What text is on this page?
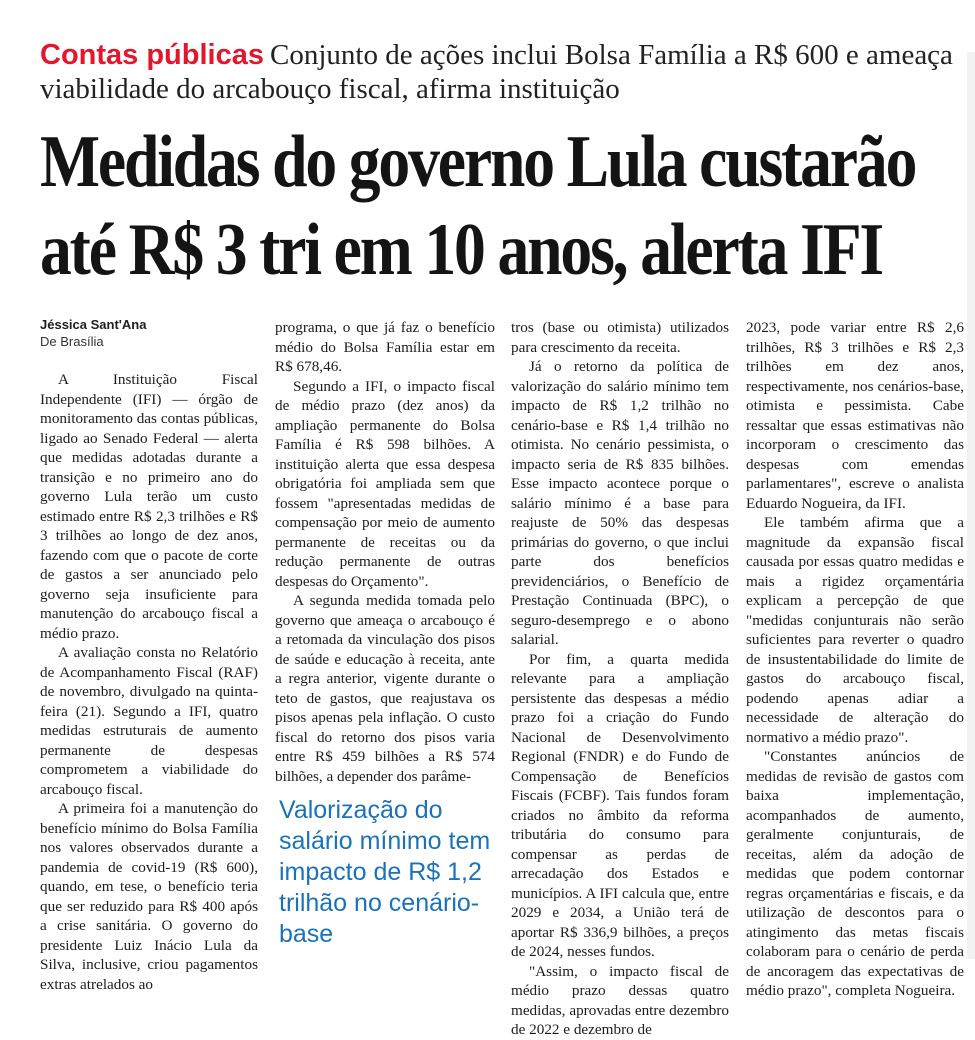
Contas públicas Conjunto de ações inclui Bolsa Família a R$ 600 e ameaça viabilidade do arcabouço fiscal, afirma instituição
Medidas do governo Lula custarão
até R$ 3 tri em 10 anos, alerta IFI
Jéssica Sant'Ana
De Brasília

A Instituição Fiscal Independente (IFI) — órgão de monitoramento das contas públicas, ligado ao Senado Federal — alerta que medidas adotadas durante a transição e no primeiro ano do governo Lula terão um custo estimado entre R$ 2,3 trilhões e R$ 3 trilhões ao longo de dez anos, fazendo com que o pacote de corte de gastos a ser anunciado pelo governo seja insuficiente para manutenção do arcabouço fiscal a médio prazo.

A avaliação consta no Relatório de Acompanhamento Fiscal (RAF) de novembro, divulgado na quinta-feira (21). Segundo a IFI, quatro medidas estruturais de aumento permanente de despesas comprometem a viabilidade do arcabouço fiscal.

A primeira foi a manutenção do benefício mínimo do Bolsa Família nos valores observados durante a pandemia de covid-19 (R$ 600), quando, em tese, o benefício teria que ser reduzido para R$ 400 após a crise sanitária. O governo do presidente Luiz Inácio Lula da Silva, inclusive, criou pagamentos extras atrelados ao

programa, o que já faz o benefício médio do Bolsa Família estar em R$ 678,46.

Segundo a IFI, o impacto fiscal de médio prazo (dez anos) da ampliação permanente do Bolsa Família é R$ 598 bilhões. A instituição alerta que essa despesa obrigatória foi ampliada sem que fossem "apresentadas medidas de compensação por meio de aumento permanente de receitas ou da redução permanente de outras despesas do Orçamento".

A segunda medida tomada pelo governo que ameaça o arcabouço é a retomada da vinculação dos pisos de saúde e educação à receita, ante a regra anterior, vigente durante o teto de gastos, que reajustava os pisos apenas pela inflação. O custo fiscal do retorno dos pisos varia entre R$ 459 bilhões a R$ 574 bilhões, a depender dos parâme-

Valorização do salário mínimo tem impacto de R$ 1,2 trilhão no cenário-base

tros (base ou otimista) utilizados para crescimento da receita.

Já o retorno da política de valorização do salário mínimo tem impacto de R$ 1,2 trilhão no cenário-base e R$ 1,4 trilhão no otimista. No cenário pessimista, o impacto seria de R$ 835 bilhões. Esse impacto acontece porque o salário mínimo é a base para reajuste de 50% das despesas primárias do governo, o que inclui parte dos benefícios previdenciários, o Benefício de Prestação Continuada (BPC), o seguro-desemprego e o abono salarial.

Por fim, a quarta medida relevante para a ampliação persistente das despesas a médio prazo foi a criação do Fundo Nacional de Desenvolvimento Regional (FNDR) e do Fundo de Compensação de Benefícios Fiscais (FCBF). Tais fundos foram criados no âmbito da reforma tributária do consumo para compensar as perdas de arrecadação dos Estados e municípios. A IFI calcula que, entre 2029 e 2034, a União terá de aportar R$ 336,9 bilhões, a preços de 2024, nesses fundos.

"Assim, o impacto fiscal de médio prazo dessas quatro medidas, aprovadas entre dezembro de 2022 e dezembro de

2023, pode variar entre R$ 2,6 trilhões, R$ 3 trilhões e R$ 2,3 trilhões em dez anos, respectivamente, nos cenários-base, otimista e pessimista. Cabe ressaltar que essas estimativas não incorporam o crescimento das despesas com emendas parlamentares", escreve o analista Eduardo Nogueira, da IFI.

Ele também afirma que a magnitude da expansão fiscal causada por essas quatro medidas e mais a rigidez orçamentária explicam a percepção de que "medidas conjunturais não serão suficientes para reverter o quadro de insustentabilidade do limite de gastos do arcabouço fiscal, podendo apenas adiar a necessidade de alteração do normativo a médio prazo".

"Constantes anúncios de medidas de revisão de gastos com baixa implementação, acompanhados de aumento, geralmente conjunturais, de receitas, além da adoção de medidas que podem contornar regras orçamentárias e fiscais, e da utilização de descontos para o atingimento das metas fiscais colaboram para o cenário de perda de ancoragem das expectativas de médio prazo", completa Nogueira.
